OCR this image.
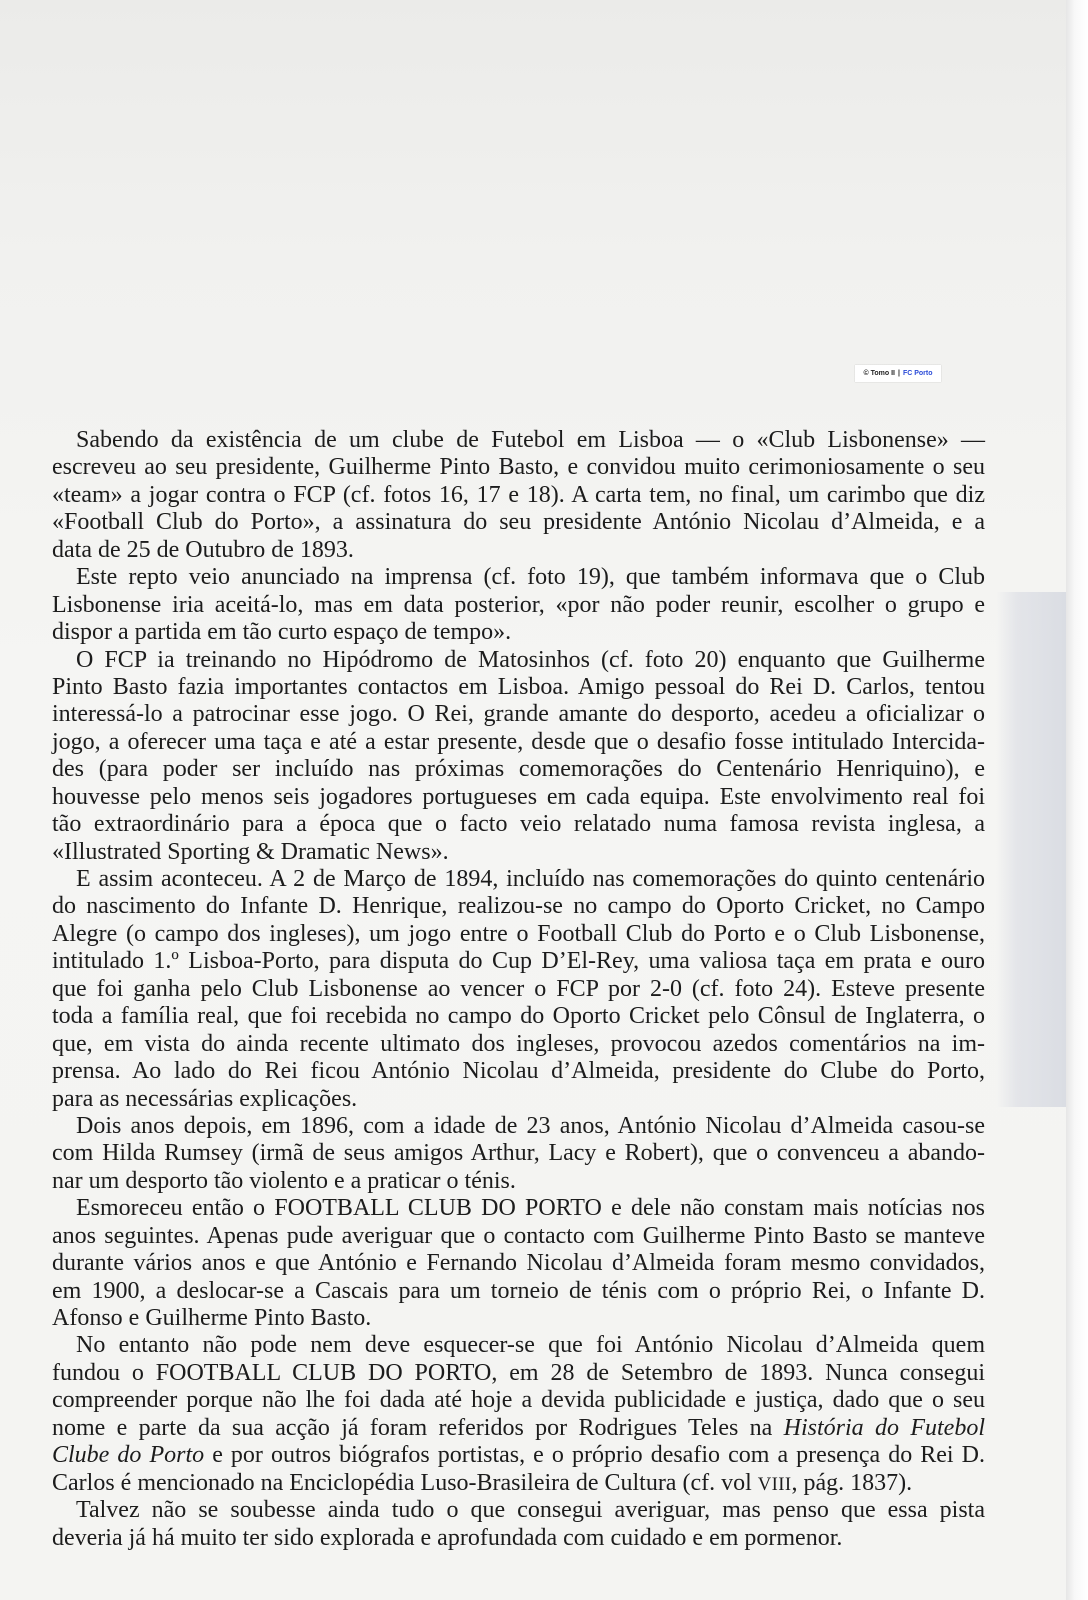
© Tomo II | FC Porto
Sabendo da existência de um clube de Futebol em Lisboa — o «Club Lisbonense» —
escreveu ao seu presidente, Guilherme Pinto Basto, e convidou muito cerimoniosamente o seu
«team» a jogar contra o FCP (cf. fotos 16, 17 e 18). A carta tem, no final, um carimbo que diz
«Football Club do Porto», a assinatura do seu presidente António Nicolau d’Almeida, e a
data de 25 de Outubro de 1893.
Este repto veio anunciado na imprensa (cf. foto 19), que também informava que o Club
Lisbonense iria aceitá-lo, mas em data posterior, «por não poder reunir, escolher o grupo e
dispor a partida em tão curto espaço de tempo».
O FCP ia treinando no Hipódromo de Matosinhos (cf. foto 20) enquanto que Guilherme
Pinto Basto fazia importantes contactos em Lisboa. Amigo pessoal do Rei D. Carlos, tentou
interessá-lo a patrocinar esse jogo. O Rei, grande amante do desporto, acedeu a oficializar o
jogo, a oferecer uma taça e até a estar presente, desde que o desafio fosse intitulado Intercida-
des (para poder ser incluído nas próximas comemorações do Centenário Henriquino), e
houvesse pelo menos seis jogadores portugueses em cada equipa. Este envolvimento real foi
tão extraordinário para a época que o facto veio relatado numa famosa revista inglesa, a
«Illustrated Sporting & Dramatic News».
E assim aconteceu. A 2 de Março de 1894, incluído nas comemorações do quinto centenário
do nascimento do Infante D. Henrique, realizou-se no campo do Oporto Cricket, no Campo
Alegre (o campo dos ingleses), um jogo entre o Football Club do Porto e o Club Lisbonense,
intitulado 1.º Lisboa-Porto, para disputa do Cup D’El-Rey, uma valiosa taça em prata e ouro
que foi ganha pelo Club Lisbonense ao vencer o FCP por 2-0 (cf. foto 24). Esteve presente
toda a família real, que foi recebida no campo do Oporto Cricket pelo Cônsul de Inglaterra, o
que, em vista do ainda recente ultimato dos ingleses, provocou azedos comentários na im-
prensa. Ao lado do Rei ficou António Nicolau d’Almeida, presidente do Clube do Porto,
para as necessárias explicações.
Dois anos depois, em 1896, com a idade de 23 anos, António Nicolau d’Almeida casou-se
com Hilda Rumsey (irmã de seus amigos Arthur, Lacy e Robert), que o convenceu a abando-
nar um desporto tão violento e a praticar o ténis.
Esmoreceu então o FOOTBALL CLUB DO PORTO e dele não constam mais notícias nos
anos seguintes. Apenas pude averiguar que o contacto com Guilherme Pinto Basto se manteve
durante vários anos e que António e Fernando Nicolau d’Almeida foram mesmo convidados,
em 1900, a deslocar-se a Cascais para um torneio de ténis com o próprio Rei, o Infante D.
Afonso e Guilherme Pinto Basto.
No entanto não pode nem deve esquecer-se que foi António Nicolau d’Almeida quem
fundou o FOOTBALL CLUB DO PORTO, em 28 de Setembro de 1893. Nunca consegui
compreender porque não lhe foi dada até hoje a devida publicidade e justiça, dado que o seu
nome e parte da sua acção já foram referidos por Rodrigues Teles na História do Futebol
Clube do Porto e por outros biógrafos portistas, e o próprio desafio com a presença do Rei D.
Carlos é mencionado na Enciclopédia Luso-Brasileira de Cultura (cf. vol VIII, pág. 1837).
Talvez não se soubesse ainda tudo o que consegui averiguar, mas penso que essa pista
deveria já há muito ter sido explorada e aprofundada com cuidado e em pormenor.
